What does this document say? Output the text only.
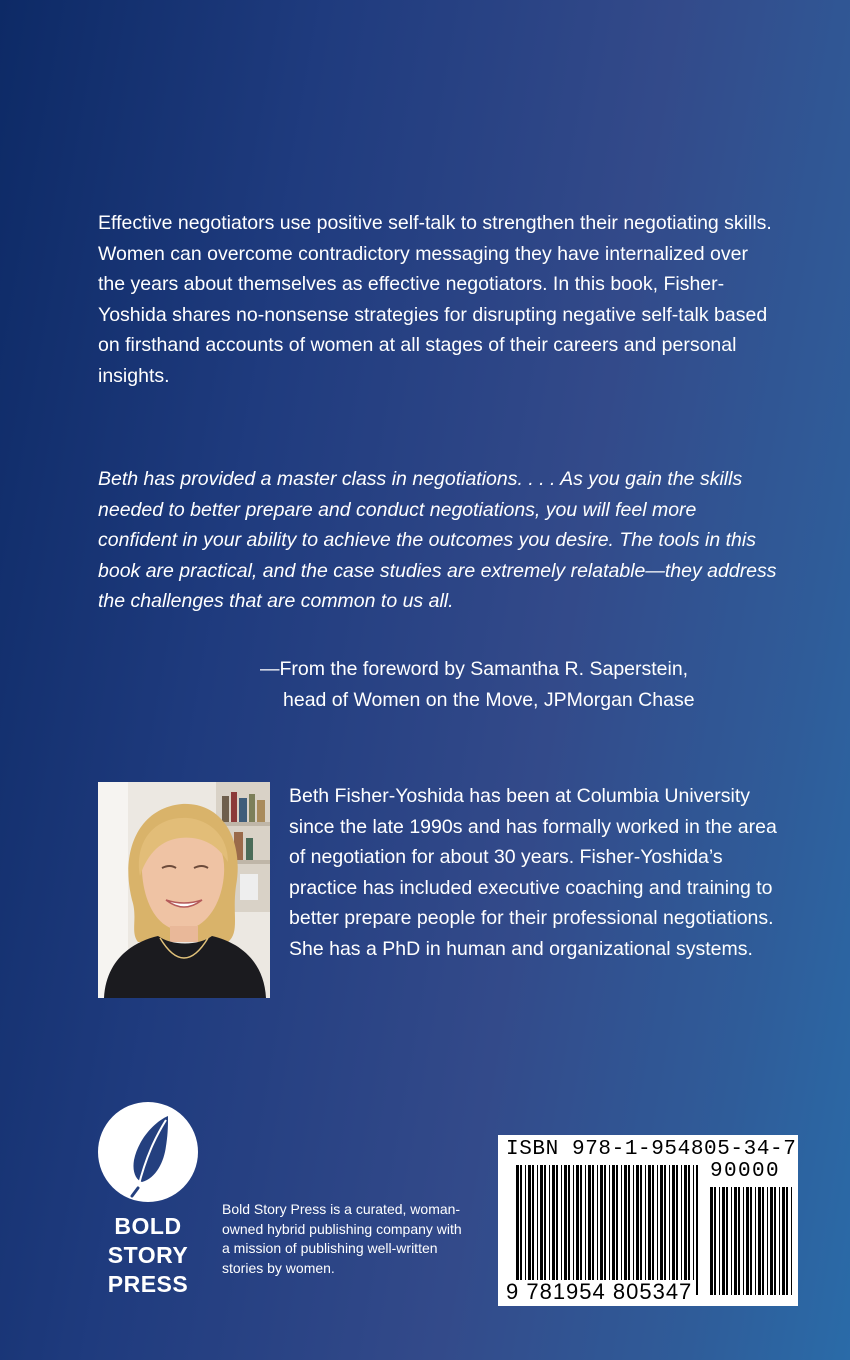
Effective negotiators use positive self-talk to strengthen their negotiating skills. Women can overcome contradictory messaging they have internalized over the years about themselves as effective negotiators. In this book, Fisher-Yoshida shares no-nonsense strategies for disrupting negative self-talk based on firsthand accounts of women at all stages of their careers and personal insights.

Beth has provided a master class in negotiations. . . . As you gain the skills needed to better prepare and conduct negotiations, you will feel more confident in your ability to achieve the outcomes you desire. The tools in this book are practical, and the case studies are extremely relatable—they address the challenges that are common to us all.

—From the foreword by Samantha R. Saperstein,
head of Women on the Move, JPMorgan Chase

Beth Fisher-Yoshida has been at Columbia University since the late 1990s and has formally worked in the area of negotiation for about 30 years. Fisher-Yoshida’s practice has included executive coaching and training to better prepare people for their professional negotiations. She has a PhD in human and organizational systems.

BOLD
STORY
PRESS

Bold Story Press is a curated, woman-owned hybrid publishing company with a mission of publishing well-written stories by women.

ISBN 978-1-954805-34-7
90000
9 781954 805347
